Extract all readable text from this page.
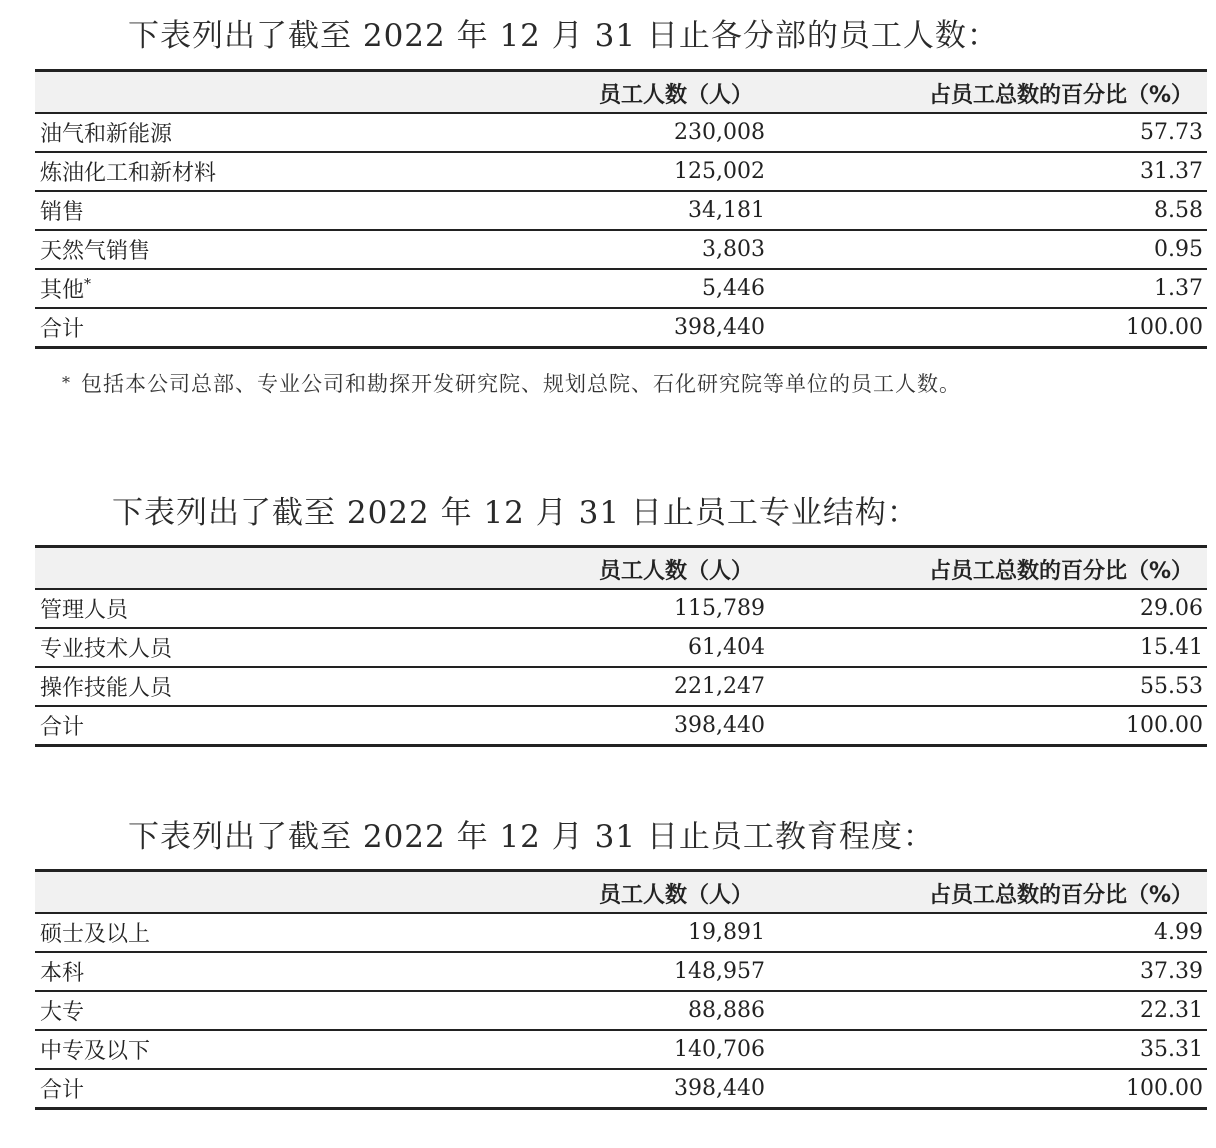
下表列出了截至 2022 年 12 月 31 日止各分部的员工人数：
	员工人数（人）	占员工总数的百分比（%）
油气和新能源	230,008	57.73
炼油化工和新材料	125,002	31.37
销售	34,181	8.58
天然气销售	3,803	0.95
其他*	5,446	1.37
合计	398,440	100.00
* 包括本公司总部、专业公司和勘探开发研究院、规划总院、石化研究院等单位的员工人数。
下表列出了截至 2022 年 12 月 31 日止员工专业结构：
	员工人数（人）	占员工总数的百分比（%）
管理人员	115,789	29.06
专业技术人员	61,404	15.41
操作技能人员	221,247	55.53
合计	398,440	100.00
下表列出了截至 2022 年 12 月 31 日止员工教育程度：
	员工人数（人）	占员工总数的百分比（%）
硕士及以上	19,891	4.99
本科	148,957	37.39
大专	88,886	22.31
中专及以下	140,706	35.31
合计	398,440	100.00
